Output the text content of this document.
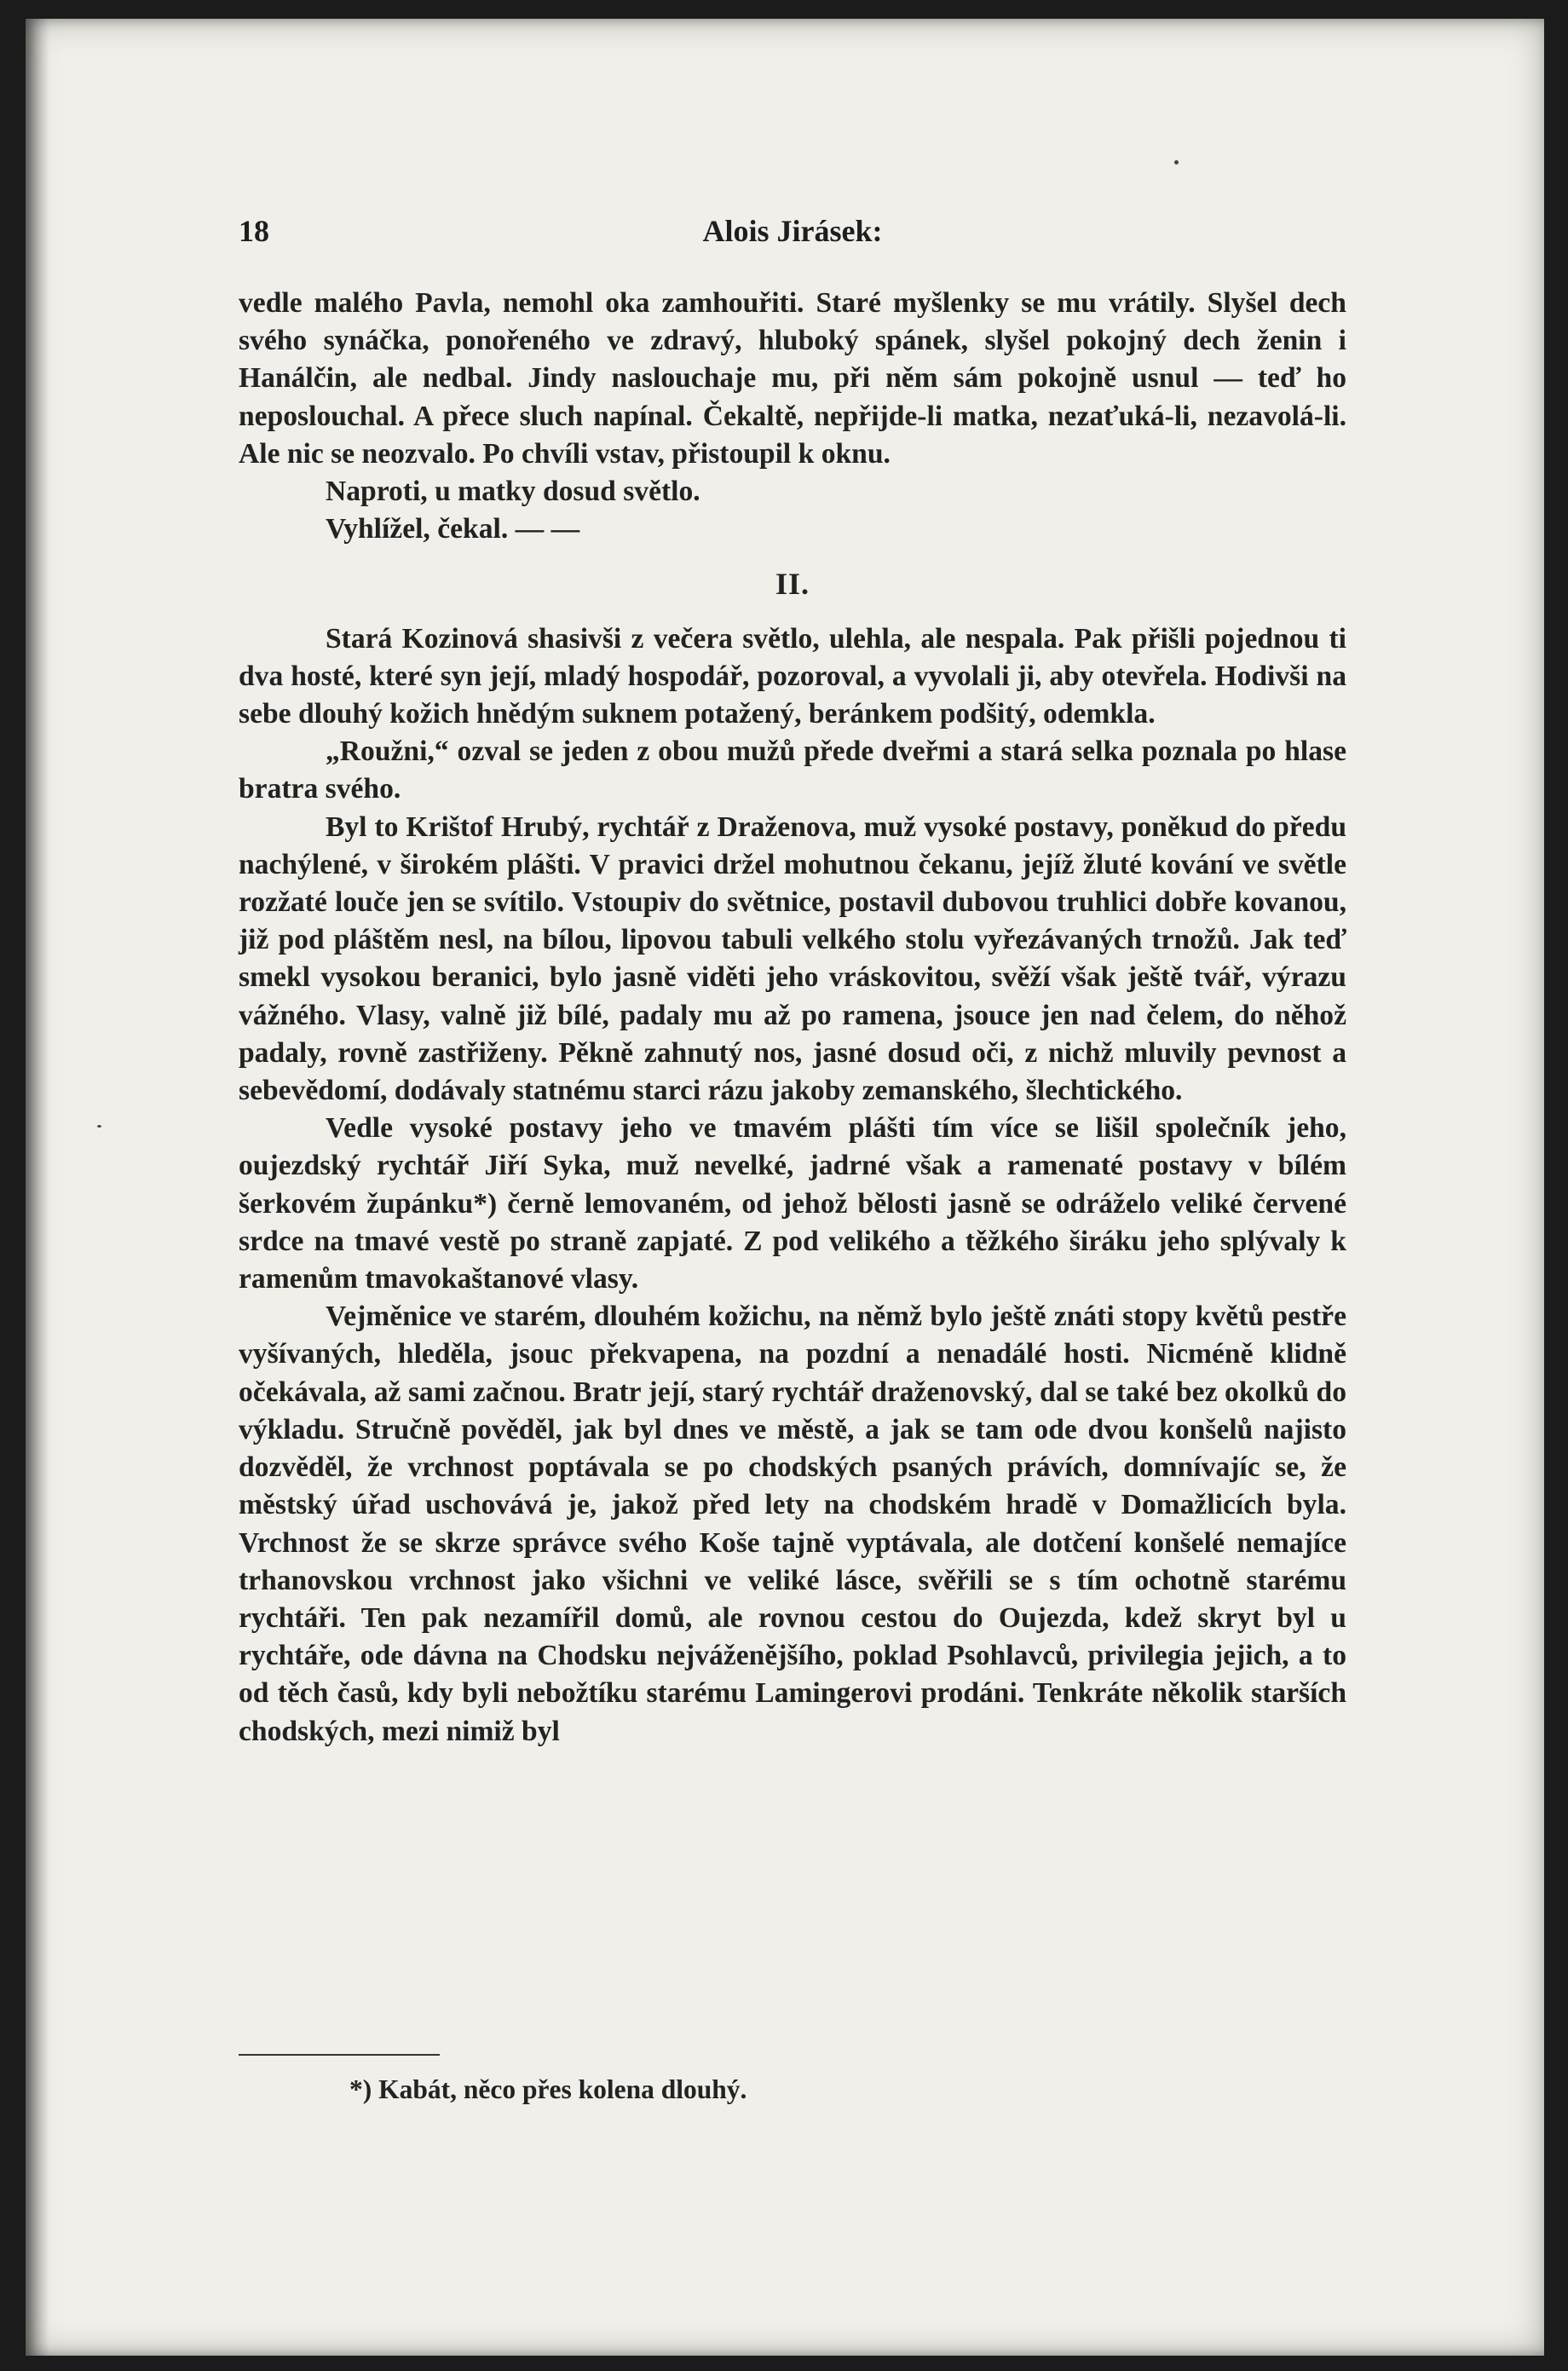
18	Alois Jirásek:

vedle malého Pavla, nemohl oka zamhouřiti. Staré myšlenky se mu vrátily. Slyšel dech svého synáčka, ponořeného ve zdravý, hluboký spánek, slyšel pokojný dech ženin i Hanálčin, ale nedbal. Jindy naslouchaje mu, při něm sám pokojně usnul — teď ho neposlouchal. A přece sluch napínal. Čekaltě, nepřijde-li matka, nezaťuká-li, nezavolá-li. Ale nic se neozvalo. Po chvíli vstav, přistoupil k oknu.

Naproti, u matky dosud světlo.

Vyhlížel, čekal. — —

II.

Stará Kozinová shasivši z večera světlo, ulehla, ale nespala. Pak přišli pojednou ti dva hosté, které syn její, mladý hospodář, pozoroval, a vyvolali ji, aby otevřela. Hodivši na sebe dlouhý kožich hnědým suknem potažený, beránkem podšitý, odemkla.

„Roužni,“ ozval se jeden z obou mužů přede dveřmi a stará selka poznala po hlase bratra svého.

Byl to Krištof Hrubý, rychtář z Draženova, muž vysoké postavy, poněkud do předu nachýlené, v širokém plášti. V pravici držel mohutnou čekanu, jejíž žluté kování ve světle rozžaté louče jen se svítilo. Vstoupiv do světnice, postavil dubovou truhlici dobře kovanou, již pod pláštěm nesl, na bílou, lipovou tabuli velkého stolu vyřezávaných trnožů. Jak teď smekl vysokou beranici, bylo jasně viděti jeho vráskovitou, svěží však ještě tvář, výrazu vážného. Vlasy, valně již bílé, padaly mu až po ramena, jsouce jen nad čelem, do něhož padaly, rovně zastřiženy. Pěkně zahnutý nos, jasné dosud oči, z nichž mluvily pevnost a sebevědomí, dodávaly statnému starci rázu jakoby zemanského, šlechtického.

Vedle vysoké postavy jeho ve tmavém plášti tím více se lišil společník jeho, oujezdský rychtář Jiří Syka, muž nevelké, jadrné však a ramenaté postavy v bílém šerkovém župánku*) černě lemovaném, od jehož bělosti jasně se odráželo veliké červené srdce na tmavé vestě po straně zapjaté. Z pod velikého a těžkého širáku jeho splývaly k ramenům tmavokaštanové vlasy.

Vejměnice ve starém, dlouhém kožichu, na němž bylo ještě znáti stopy květů pestře vyšívaných, hleděla, jsouc překvapena, na pozdní a nenadálé hosti. Nicméně klidně očekávala, až sami začnou. Bratr její, starý rychtář draženovský, dal se také bez okolků do výkladu. Stručně pověděl, jak byl dnes ve městě, a jak se tam ode dvou konšelů najisto dozvěděl, že vrchnost poptávala se po chodských psaných právích, domnívajíc se, že městský úřad uschovává je, jakož před lety na chodském hradě v Domažlicích byla. Vrchnost že se skrze správce svého Koše tajně vyptávala, ale dotčení konšelé nemajíce trhanovskou vrchnost jako všichni ve veliké lásce, svěřili se s tím ochotně starému rychtáři. Ten pak nezamířil domů, ale rovnou cestou do Oujezda, kdež skryt byl u rychtáře, ode dávna na Chodsku nejváženějšího, poklad Psohlavců, privilegia jejich, a to od těch časů, kdy byli nebožtíku starému Lamingerovi prodáni. Tenkráte několik starších chodských, mezi nimiž byl

*) Kabát, něco přes kolena dlouhý.
